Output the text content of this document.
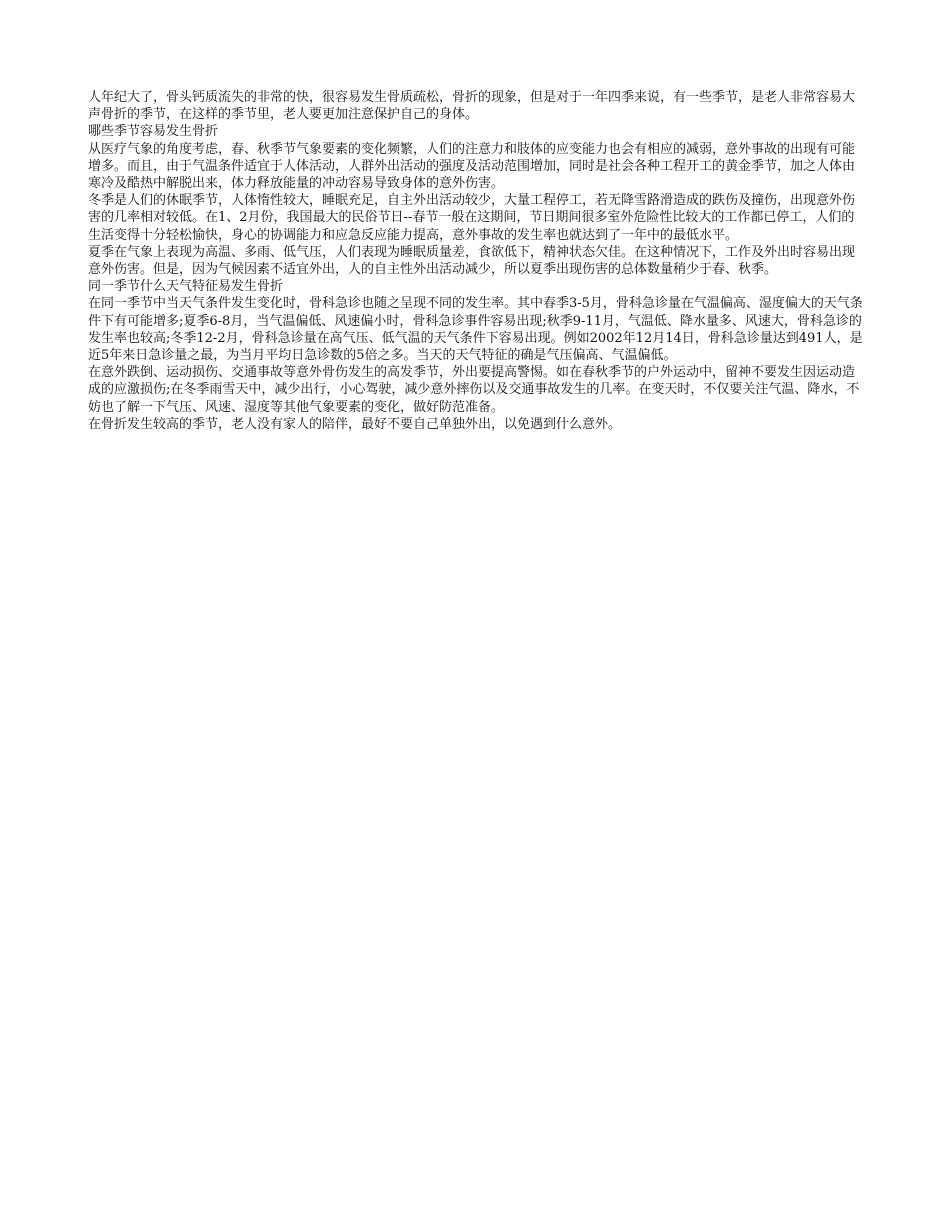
人年纪大了，骨头钙质流失的非常的快，很容易发生骨质疏松，骨折的现象，但是对于一年四季来说，有一些季节，是老人非常容易大声骨折的季节，在这样的季节里，老人要更加注意保护自己的身体。

哪些季节容易发生骨折

从医疗气象的角度考虑，春、秋季节气象要素的变化频繁，人们的注意力和肢体的应变能力也会有相应的减弱，意外事故的出现有可能增多。而且，由于气温条件适宜于人体活动，人群外出活动的强度及活动范围增加，同时是社会各种工程开工的黄金季节，加之人体由寒冷及酷热中解脱出来，体力释放能量的冲动容易导致身体的意外伤害。

冬季是人们的休眠季节，人体惰性较大，睡眠充足，自主外出活动较少，大量工程停工，若无降雪路滑造成的跌伤及撞伤，出现意外伤害的几率相对较低。在1、2月份，我国最大的民俗节日--春节一般在这期间，节日期间很多室外危险性比较大的工作都已停工，人们的生活变得十分轻松愉快，身心的协调能力和应急反应能力提高，意外事故的发生率也就达到了一年中的最低水平。

夏季在气象上表现为高温、多雨、低气压，人们表现为睡眠质量差，食欲低下，精神状态欠佳。在这种情况下，工作及外出时容易出现意外伤害。但是，因为气候因素不适宜外出，人的自主性外出活动减少，所以夏季出现伤害的总体数量稍少于春、秋季。

同一季节什么天气特征易发生骨折

在同一季节中当天气条件发生变化时，骨科急诊也随之呈现不同的发生率。其中春季3-5月，骨科急诊量在气温偏高、湿度偏大的天气条件下有可能增多;夏季6-8月，当气温偏低、风速偏小时，骨科急诊事件容易出现;秋季9-11月，气温低、降水量多、风速大，骨科急诊的发生率也较高;冬季12-2月，骨科急诊量在高气压、低气温的天气条件下容易出现。例如2002年12月14日，骨科急诊量达到491人，是近5年来日急诊量之最，为当月平均日急诊数的5倍之多。当天的天气特征的确是气压偏高、气温偏低。

在意外跌倒、运动损伤、交通事故等意外骨伤发生的高发季节，外出要提高警惕。如在春秋季节的户外运动中，留神不要发生因运动造成的应激损伤;在冬季雨雪天中，减少出行，小心驾驶，减少意外摔伤以及交通事故发生的几率。在变天时，不仅要关注气温、降水，不妨也了解一下气压、风速、湿度等其他气象要素的变化，做好防范准备。

在骨折发生较高的季节，老人没有家人的陪伴，最好不要自己单独外出，以免遇到什么意外。
